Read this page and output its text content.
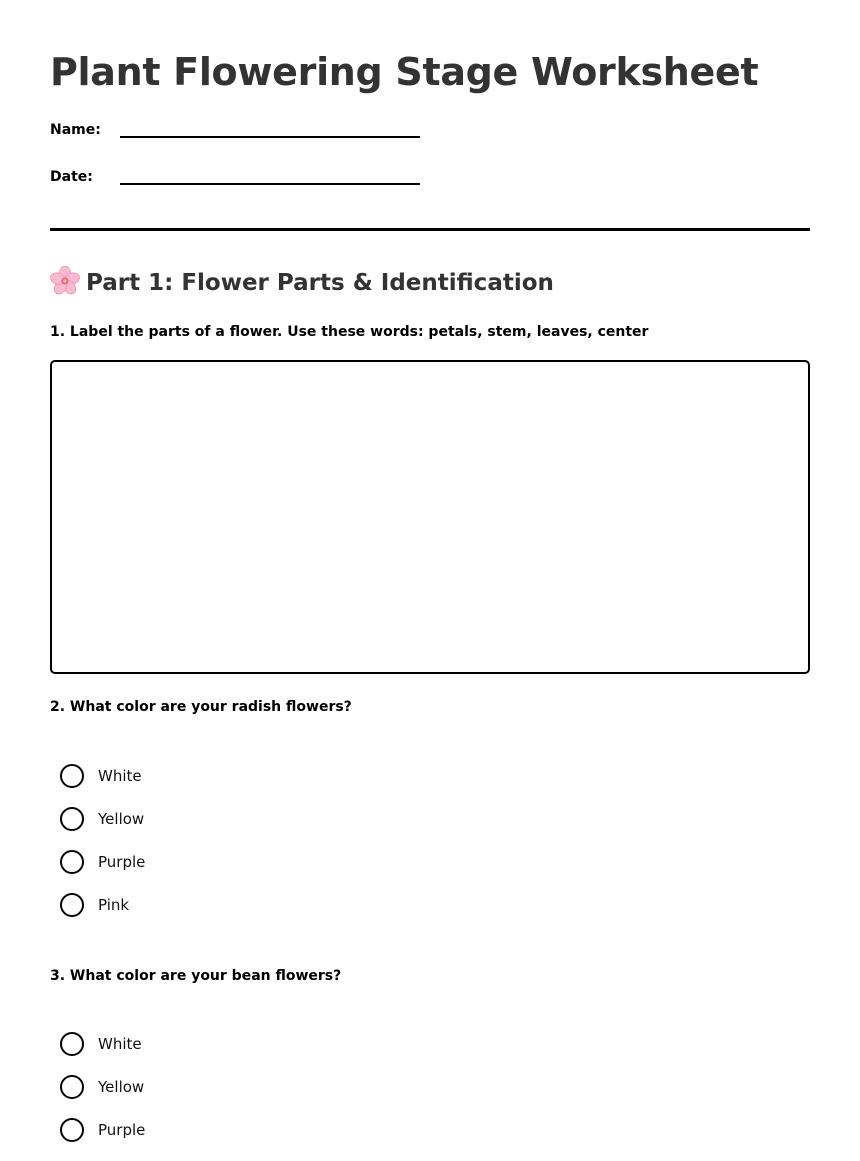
Plant Flowering Stage Worksheet
Name:
Date:
Part 1: Flower Parts & Identification
1. Label the parts of a flower. Use these words: petals, stem, leaves, center
2. What color are your radish flowers?
White
Yellow
Purple
Pink
3. What color are your bean flowers?
White
Yellow
Purple
